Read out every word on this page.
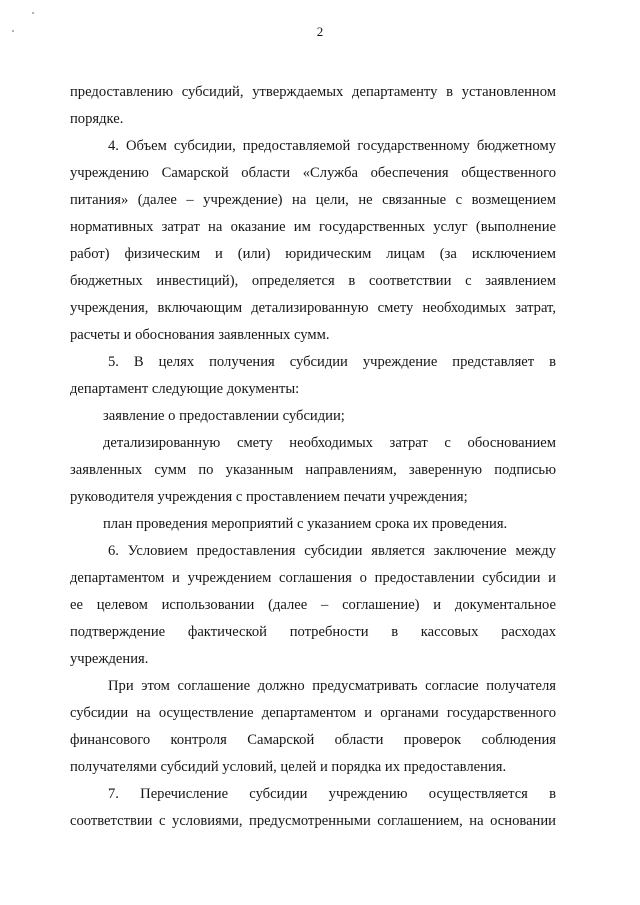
2
предоставлению субсидий, утверждаемых департаменту в установленном
порядке.
4. Объем субсидии, предоставляемой государственному бюджетному
учреждению Самарской области «Служба обеспечения общественного
питания» (далее – учреждение) на цели, не связанные с возмещением
нормативных затрат на оказание им государственных услуг (выполнение
работ) физическим и (или) юридическим лицам (за исключением
бюджетных инвестиций), определяется в соответствии с заявлением
учреждения, включающим детализированную смету необходимых затрат,
расчеты и обоснования заявленных сумм.
5. В целях получения субсидии учреждение представляет в
департамент следующие документы:
заявление о предоставлении субсидии;
детализированную смету необходимых затрат с обоснованием
заявленных сумм по указанным направлениям, заверенную подписью
руководителя учреждения с проставлением печати учреждения;
план проведения мероприятий с указанием срока их проведения.
6. Условием предоставления субсидии является заключение между
департаментом и учреждением соглашения о предоставлении субсидии и
ее целевом использовании (далее – соглашение) и документальное
подтверждение фактической потребности в кассовых расходах
учреждения.
При этом соглашение должно предусматривать согласие получателя
субсидии на осуществление департаментом и органами государственного
финансового контроля Самарской области проверок соблюдения
получателями субсидий условий, целей и порядка их предоставления.
7. Перечисление субсидии учреждению осуществляется в
соответствии с условиями, предусмотренными соглашением, на основании
